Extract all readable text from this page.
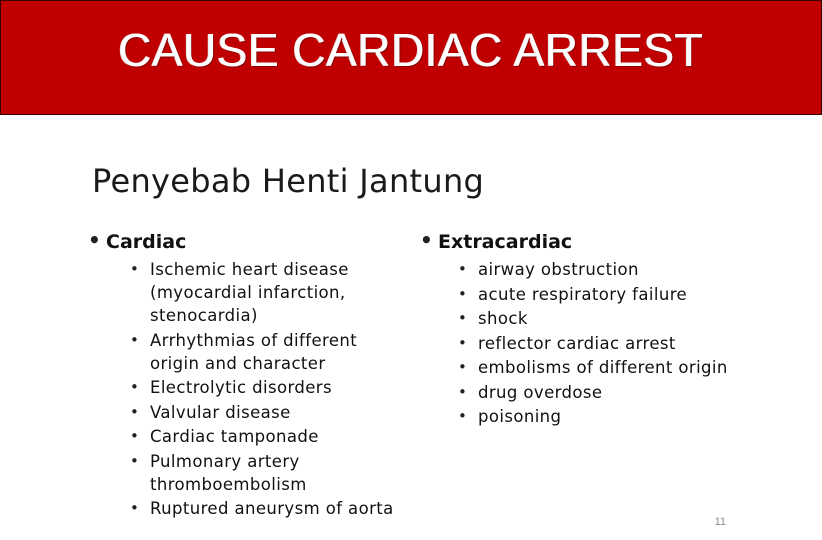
CAUSE CARDIAC ARREST
Penyebab Henti Jantung
• Cardiac
• Ischemic heart disease (myocardial infarction, stenocardia)
• Arrhythmias of different origin and character
• Electrolytic disorders
• Valvular disease
• Cardiac tamponade
• Pulmonary artery thromboembolism
• Ruptured aneurysm of aorta
• Extracardiac
• airway obstruction
• acute respiratory failure
• shock
• reflector cardiac arrest
• embolisms of different origin
• drug overdose
• poisoning
11
